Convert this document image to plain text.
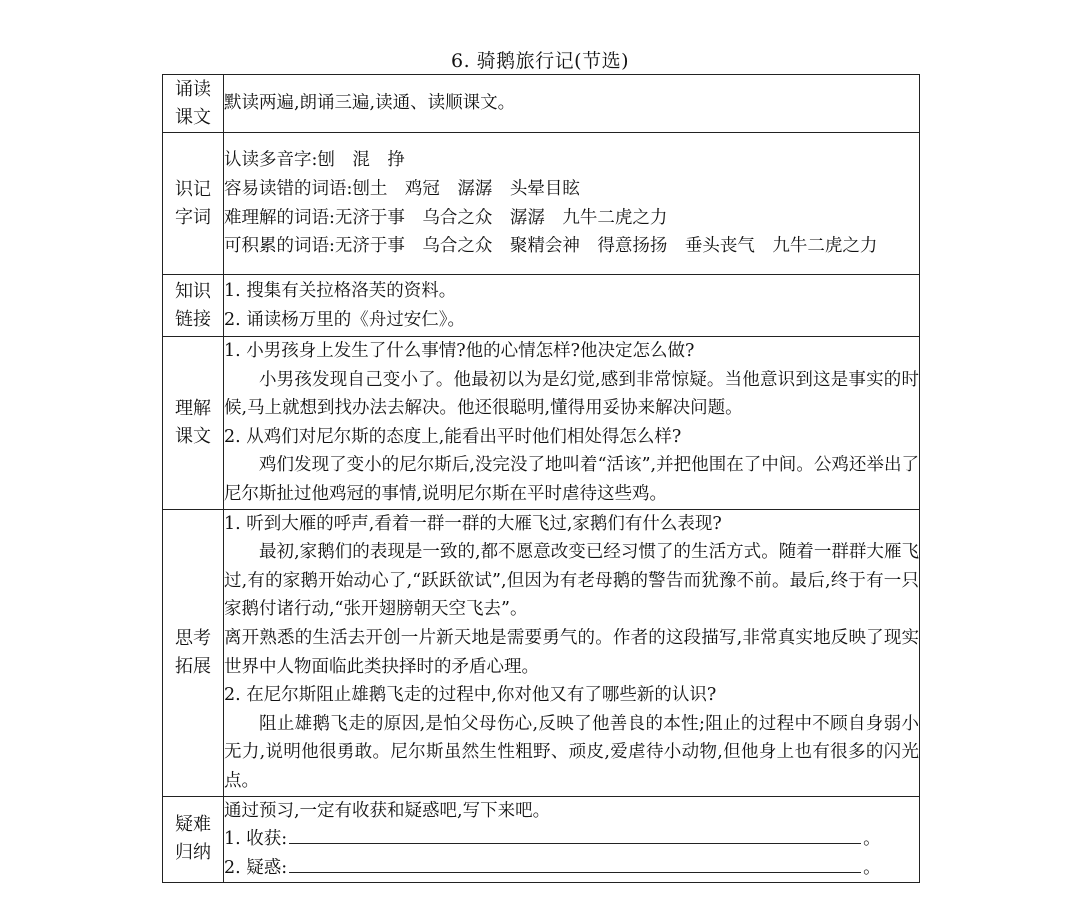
6. 骑鹅旅行记(节选)
诵读课文	默读两遍,朗诵三遍,读通、读顺课文。

识记字词	认读多音字:刨　混　挣
容易读错的词语:刨土　鸡冠　潺潺　头晕目眩
难理解的词语:无济于事　乌合之众　潺潺　九牛二虎之力
可积累的词语:无济于事　乌合之众　聚精会神　得意扬扬　垂头丧气　九牛二虎之力

知识链接	1. 搜集有关拉格洛芙的资料。
2. 诵读杨万里的《舟过安仁》。

理解课文	1. 小男孩身上发生了什么事情?他的心情怎样?他决定怎么做?
小男孩发现自己变小了。他最初以为是幻觉,感到非常惊疑。当他意识到这是事实的时候,马上就想到找办法去解决。他还很聪明,懂得用妥协来解决问题。
2. 从鸡们对尼尔斯的态度上,能看出平时他们相处得怎么样?
鸡们发现了变小的尼尔斯后,没完没了地叫着“活该”,并把他围在了中间。公鸡还举出了尼尔斯扯过他鸡冠的事情,说明尼尔斯在平时虐待这些鸡。

思考拓展	1. 听到大雁的呼声,看着一群一群的大雁飞过,家鹅们有什么表现?
最初,家鹅们的表现是一致的,都不愿意改变已经习惯了的生活方式。随着一群群大雁飞过,有的家鹅开始动心了,“跃跃欲试”,但因为有老母鹅的警告而犹豫不前。最后,终于有一只家鹅付诸行动,“张开翅膀朝天空飞去”。
离开熟悉的生活去开创一片新天地是需要勇气的。作者的这段描写,非常真实地反映了现实世界中人物面临此类抉择时的矛盾心理。
2. 在尼尔斯阻止雄鹅飞走的过程中,你对他又有了哪些新的认识?
阻止雄鹅飞走的原因,是怕父母伤心,反映了他善良的本性;阻止的过程中不顾自身弱小无力,说明他很勇敢。尼尔斯虽然生性粗野、顽皮,爱虐待小动物,但他身上也有很多的闪光点。

疑难归纳	通过预习,一定有收获和疑惑吧,写下来吧。
1. 收获: 。
2. 疑惑: 。
